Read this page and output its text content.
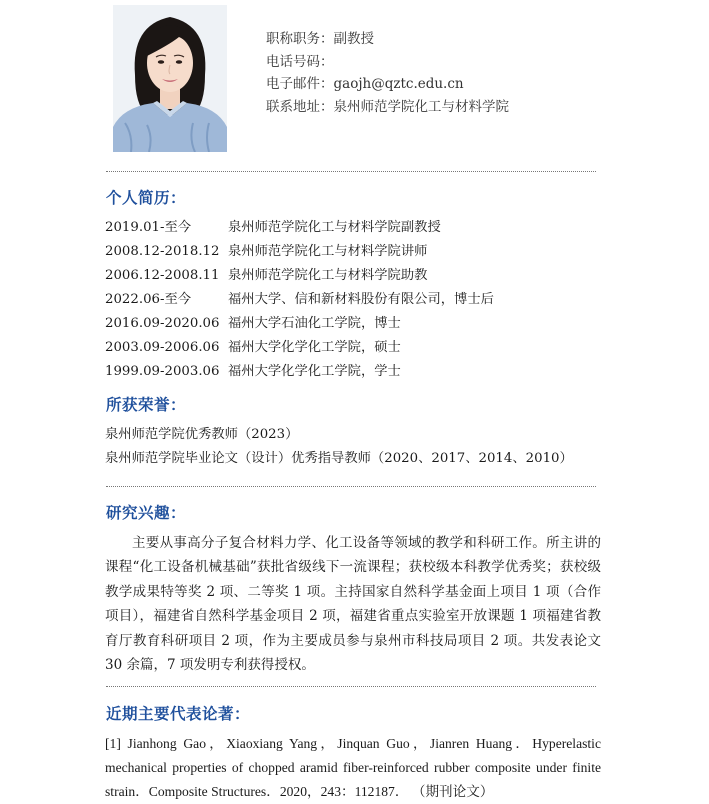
职称职务：副教授
电话号码：
电子邮件：gaojh@qztc.edu.cn
联系地址：泉州师范学院化工与材料学院
个人简历：
2019.01-至今	泉州师范学院化工与材料学院副教授
2008.12-2018.12 泉州师范学院化工与材料学院讲师
2006.12-2008.11 泉州师范学院化工与材料学院助教
2022.06-至今	福州大学、信和新材料股份有限公司，博士后
2016.09-2020.06 福州大学石油化工学院，博士
2003.09-2006.06 福州大学化学化工学院，硕士
1999.09-2003.06 福州大学化学化工学院，学士
所获荣誉：
泉州师范学院优秀教师（2023）
泉州师范学院毕业论文（设计）优秀指导教师（2020、2017、2014、2010）
研究兴趣：
主要从事高分子复合材料力学、化工设备等领域的教学和科研工作。所主讲的课程“化工设备机械基础”获批省级线下一流课程；获校级本科教学优秀奖；获校级教学成果特等奖 2 项、二等奖 1 项。主持国家自然科学基金面上项目 1 项（合作项目），福建省自然科学基金项目 2 项，福建省重点实验室开放课题 1 项福建省教育厅教育科研项目 2 项，作为主要成员参与泉州市科技局项目 2 项。共发表论文 30 余篇，7 项发明专利获得授权。
近期主要代表论著：
[1] Jianhong Gao，Xiaoxiang Yang，Jinquan Guo，Jianren Huang．Hyperelastic mechanical properties of chopped aramid fiber-reinforced rubber composite under finite strain．Composite Structures．2020，243：112187． （期刊论文）
